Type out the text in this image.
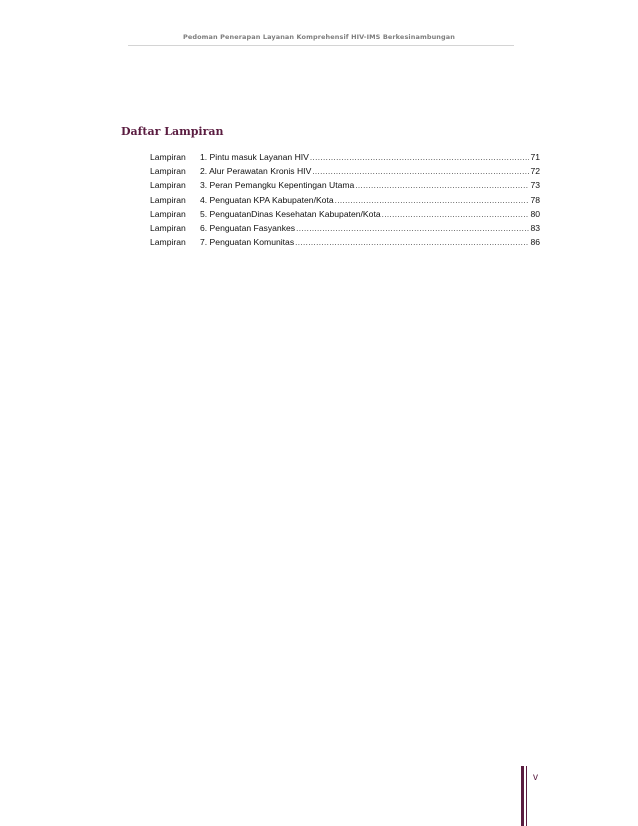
Pedoman Penerapan Layanan Komprehensif HIV-IMS Berkesinambungan
Daftar Lampiran
Lampiran	1. Pintu masuk Layanan HIV .....	71
Lampiran	2. Alur Perawatan Kronis HIV .....	72
Lampiran	3. Peran Pemangku Kepentingan Utama .....	73
Lampiran	4. Penguatan KPA Kabupaten/Kota .....	78
Lampiran	5. PenguatanDinas Kesehatan Kabupaten/Kota .....	80
Lampiran	6. Penguatan Fasyankes .....	83
Lampiran	7. Penguatan Komunitas .....	86
v
